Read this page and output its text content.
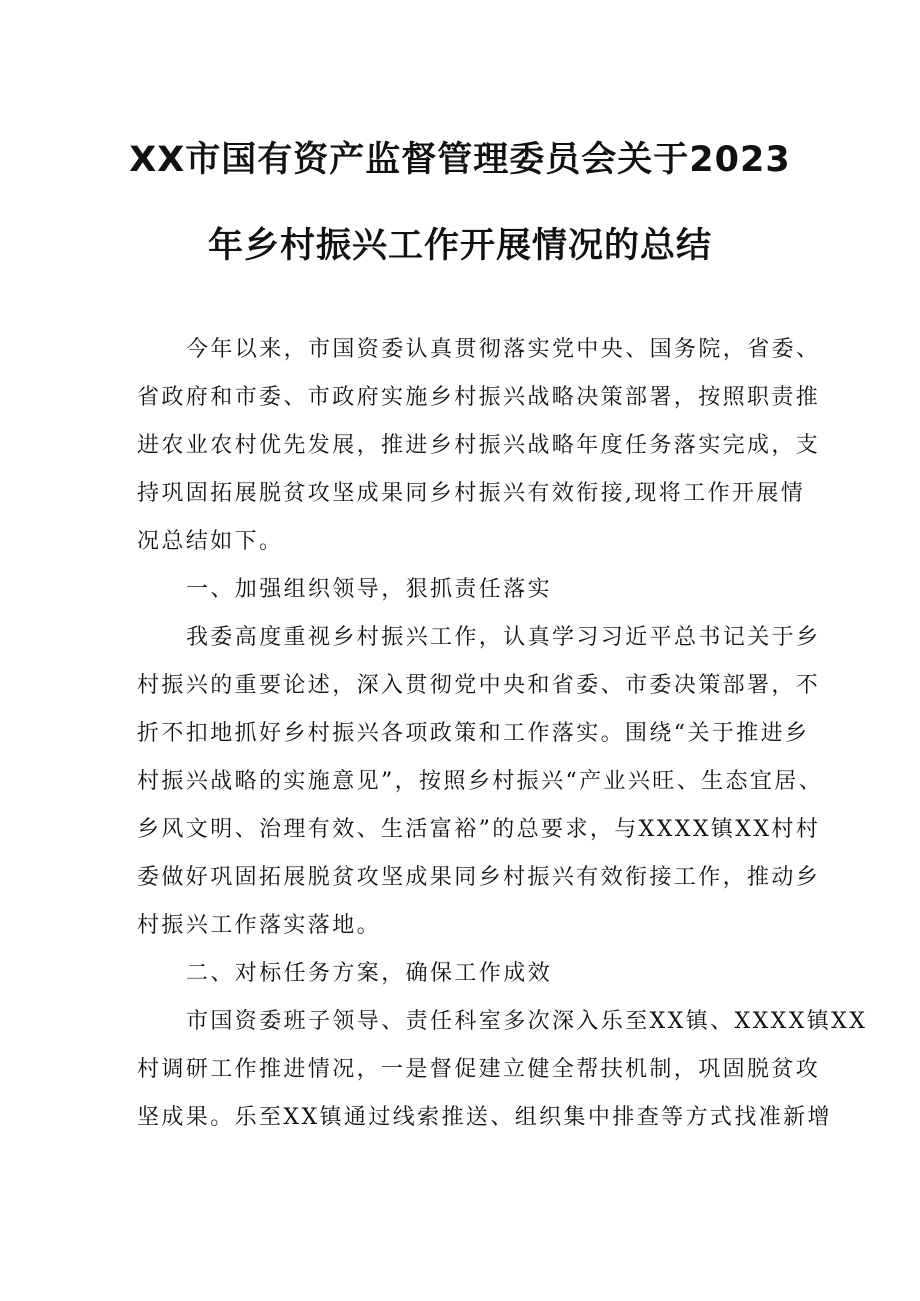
XX市国有资产监督管理委员会关于2023
年乡村振兴工作开展情况的总结
今年以来，市国资委认真贯彻落实党中央、国务院，省委、
省政府和市委、市政府实施乡村振兴战略决策部署，按照职责推
进农业农村优先发展，推进乡村振兴战略年度任务落实完成，支
持巩固拓展脱贫攻坚成果同乡村振兴有效衔接,现将工作开展情
况总结如下。
一、加强组织领导，狠抓责任落实
我委高度重视乡村振兴工作，认真学习习近平总书记关于乡
村振兴的重要论述，深入贯彻党中央和省委、市委决策部署，不
折不扣地抓好乡村振兴各项政策和工作落实。围绕“关于推进乡
村振兴战略的实施意见”，按照乡村振兴“产业兴旺、生态宜居、
乡风文明、治理有效、生活富裕”的总要求，与XXXX镇XX村村
委做好巩固拓展脱贫攻坚成果同乡村振兴有效衔接工作，推动乡
村振兴工作落实落地。
二、对标任务方案，确保工作成效
市国资委班子领导、责任科室多次深入乐至XX镇、XXXX镇XX
村调研工作推进情况，一是督促建立健全帮扶机制，巩固脱贫攻
坚成果。乐至XX镇通过线索推送、组织集中排查等方式找准新增
